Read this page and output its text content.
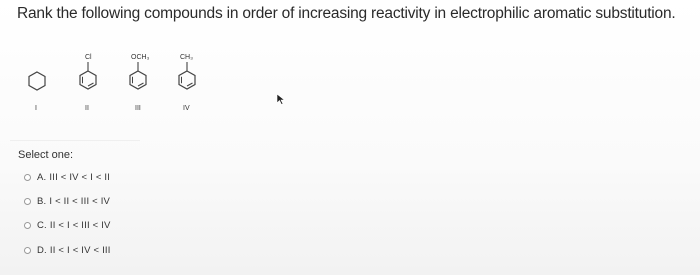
Rank the following compounds in order of increasing reactivity in electrophilic aromatic substitution.
I
Cl
II
OCH₃
III
CH₃
IV
Select one:
A. III < IV < I < II
B. I < II < III < IV
C. II < I < III < IV
D. II < I < IV < III
